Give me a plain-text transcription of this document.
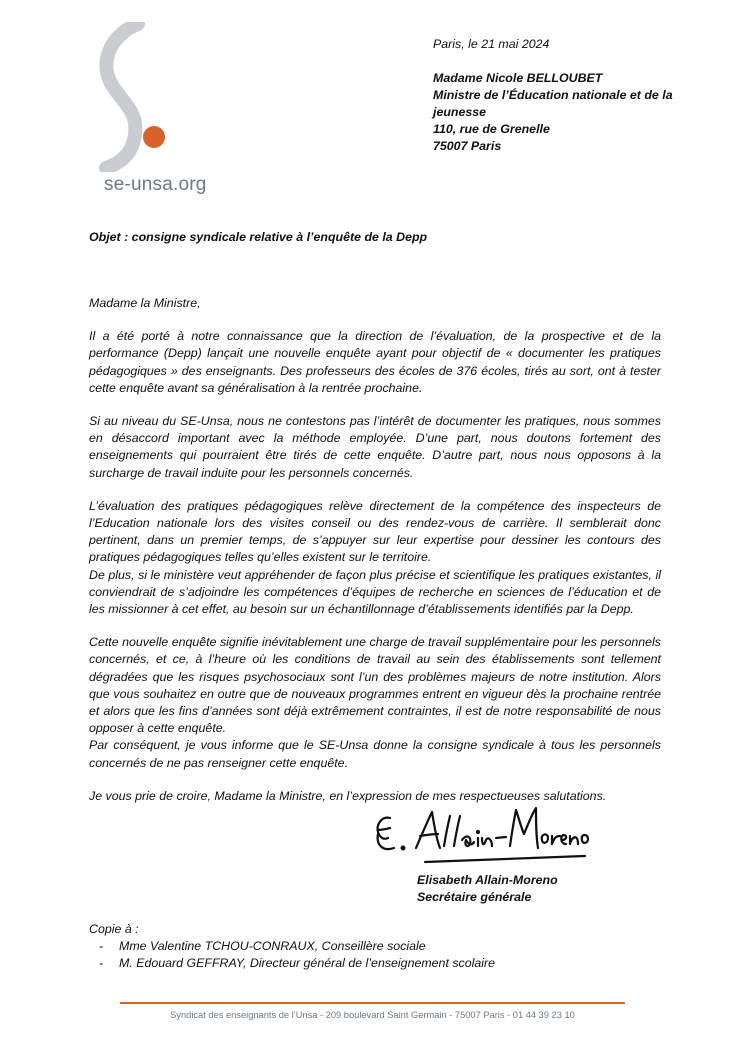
se-unsa.org
Paris, le 21 mai 2024
Madame Nicole BELLOUBET
Ministre de l’Éducation nationale et de la
jeunesse
110, rue de Grenelle
75007 Paris
Objet : consigne syndicale relative à l’enquête de la Depp

Madame la Ministre,

Il a été porté à notre connaissance que la direction de l’évaluation, de la prospective et de la performance (Depp) lançait une nouvelle enquête ayant pour objectif de « documenter les pratiques pédagogiques » des enseignants. Des professeurs des écoles de 376 écoles, tirés au sort, ont à tester cette enquête avant sa généralisation à la rentrée prochaine.

Si au niveau du SE-Unsa, nous ne contestons pas l’intérêt de documenter les pratiques, nous sommes en désaccord important avec la méthode employée. D’une part, nous doutons fortement des enseignements qui pourraient être tirés de cette enquête. D’autre part, nous nous opposons à la surcharge de travail induite pour les personnels concernés.

L’évaluation des pratiques pédagogiques relève directement de la compétence des inspecteurs de l’Education nationale lors des visites conseil ou des rendez-vous de carrière. Il semblerait donc pertinent, dans un premier temps, de s’appuyer sur leur expertise pour dessiner les contours des pratiques pédagogiques telles qu’elles existent sur le territoire.

De plus, si le ministère veut appréhender de façon plus précise et scientifique les pratiques existantes, il conviendrait de s’adjoindre les compétences d’équipes de recherche en sciences de l’éducation et de les missionner à cet effet, au besoin sur un échantillonnage d’établissements identifiés par la Depp.

Cette nouvelle enquête signifie inévitablement une charge de travail supplémentaire pour les personnels concernés, et ce, à l’heure où les conditions de travail au sein des établissements sont tellement dégradées que les risques psychosociaux sont l’un des problèmes majeurs de notre institution. Alors que vous souhaitez en outre que de nouveaux programmes entrent en vigueur dès la prochaine rentrée et alors que les fins d’années sont déjà extrêmement contraintes, il est de notre responsabilité de nous opposer à cette enquête.

Par conséquent, je vous informe que le SE-Unsa donne la consigne syndicale à tous les personnels concernés de ne pas renseigner cette enquête.

Je vous prie de croire, Madame la Ministre, en l’expression de mes respectueuses salutations.

Elisabeth Allain-Moreno
Secrétaire générale
Copie à :
- Mme Valentine TCHOU-CONRAUX, Conseillère sociale
- M. Edouard GEFFRAY, Directeur général de l’enseignement scolaire
Syndicat des enseignants de l’Unsa - 209 boulevard Saint Germain - 75007 Paris - 01 44 39 23 10
